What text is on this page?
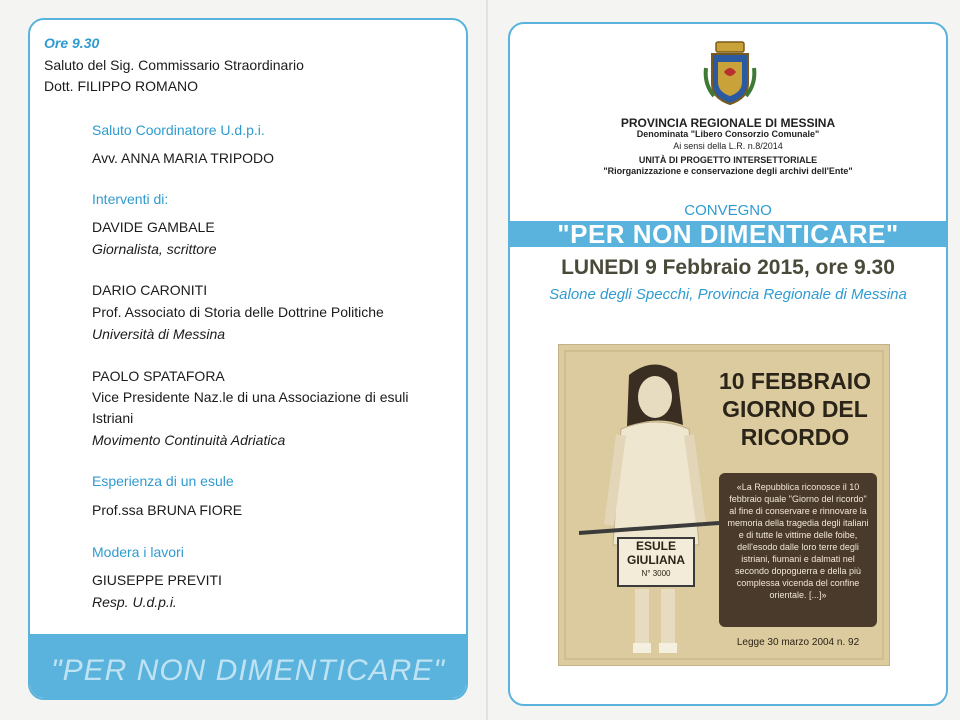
Ore 9.30
Saluto del Sig. Commissario Straordinario
Dott. FILIPPO ROMANO
Saluto Coordinatore U.d.p.i.
Avv. ANNA MARIA TRIPODO
Interventi di:
DAVIDE GAMBALE
Giornalista, scrittore
DARIO CARONITI
Prof. Associato di Storia delle Dottrine Politiche
Università di Messina
PAOLO SPATAFORA
Vice Presidente Naz.le di una Associazione di esuli
Istriani
Movimento Continuità Adriatica
Esperienza di un esule
Prof.ssa BRUNA FIORE
Modera i lavori
GIUSEPPE PREVITI
Resp. U.d.p.i.
"PER NON DIMENTICARE"
PROVINCIA REGIONALE DI MESSINA
Denominata "Libero Consorzio Comunale"
Ai sensi della L.R. n.8/2014
UNITÀ DI PROGETTO INTERSETTORIALE
"Riorganizzazione e conservazione degli archivi dell'Ente"
CONVEGNO
"PER NON DIMENTICARE"
LUNEDI 9 Febbraio 2015, ore 9.30
Salone degli Specchi, Provincia Regionale di Messina
ESULE
GIULIANA
N° 3000
10 FEBBRAIO
GIORNO DEL
RICORDO
«La Repubblica riconosce il 10 febbraio quale "Giorno del ricordo" al fine di conservare e rinnovare la memoria della tragedia degli italiani e di tutte le vittime delle foibe, dell'esodo dalle loro terre degli istriani, fiumani e dalmati nel secondo dopoguerra e della più complessa vicenda del confine orientale. [...]»
Legge 30 marzo 2004 n. 92
